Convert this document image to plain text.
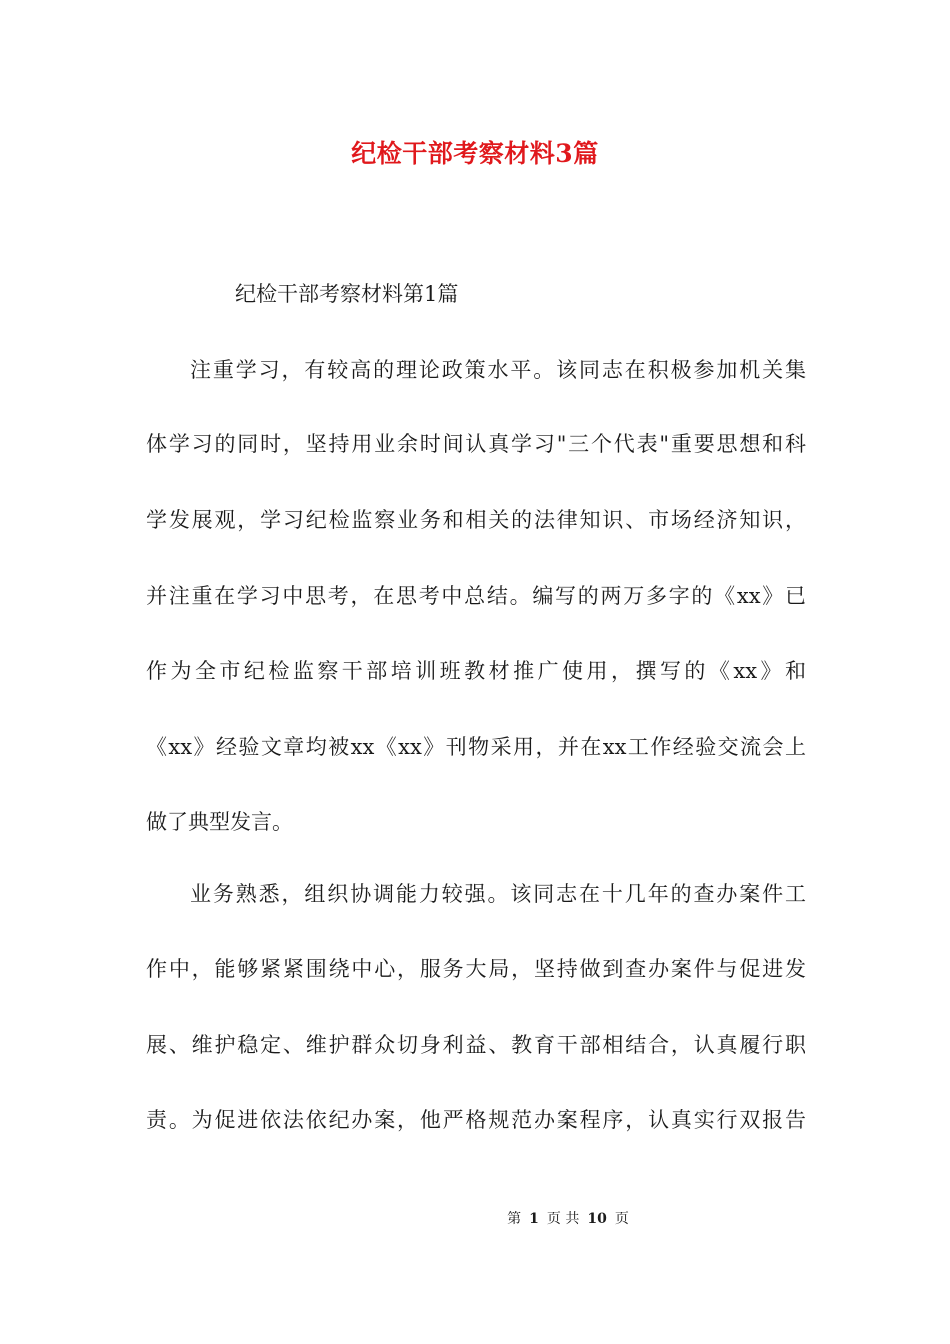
纪检干部考察材料3篇
纪检干部考察材料第1篇
注重学习，有较高的理论政策水平。该同志在积极参加机关集
体学习的同时，坚持用业余时间认真学习"三个代表"重要思想和科
学发展观，学习纪检监察业务和相关的法律知识、市场经济知识，
并注重在学习中思考，在思考中总结。编写的两万多字的《xx》已
作为全市纪检监察干部培训班教材推广使用，撰写的《xx》和
《xx》经验文章均被xx《xx》刊物采用，并在xx工作经验交流会上
做了典型发言。
业务熟悉，组织协调能力较强。该同志在十几年的查办案件工
作中，能够紧紧围绕中心，服务大局，坚持做到查办案件与促进发
展、维护稳定、维护群众切身利益、教育干部相结合，认真履行职
责。为促进依法依纪办案，他严格规范办案程序，认真实行双报告
第 1 页 共 10 页
